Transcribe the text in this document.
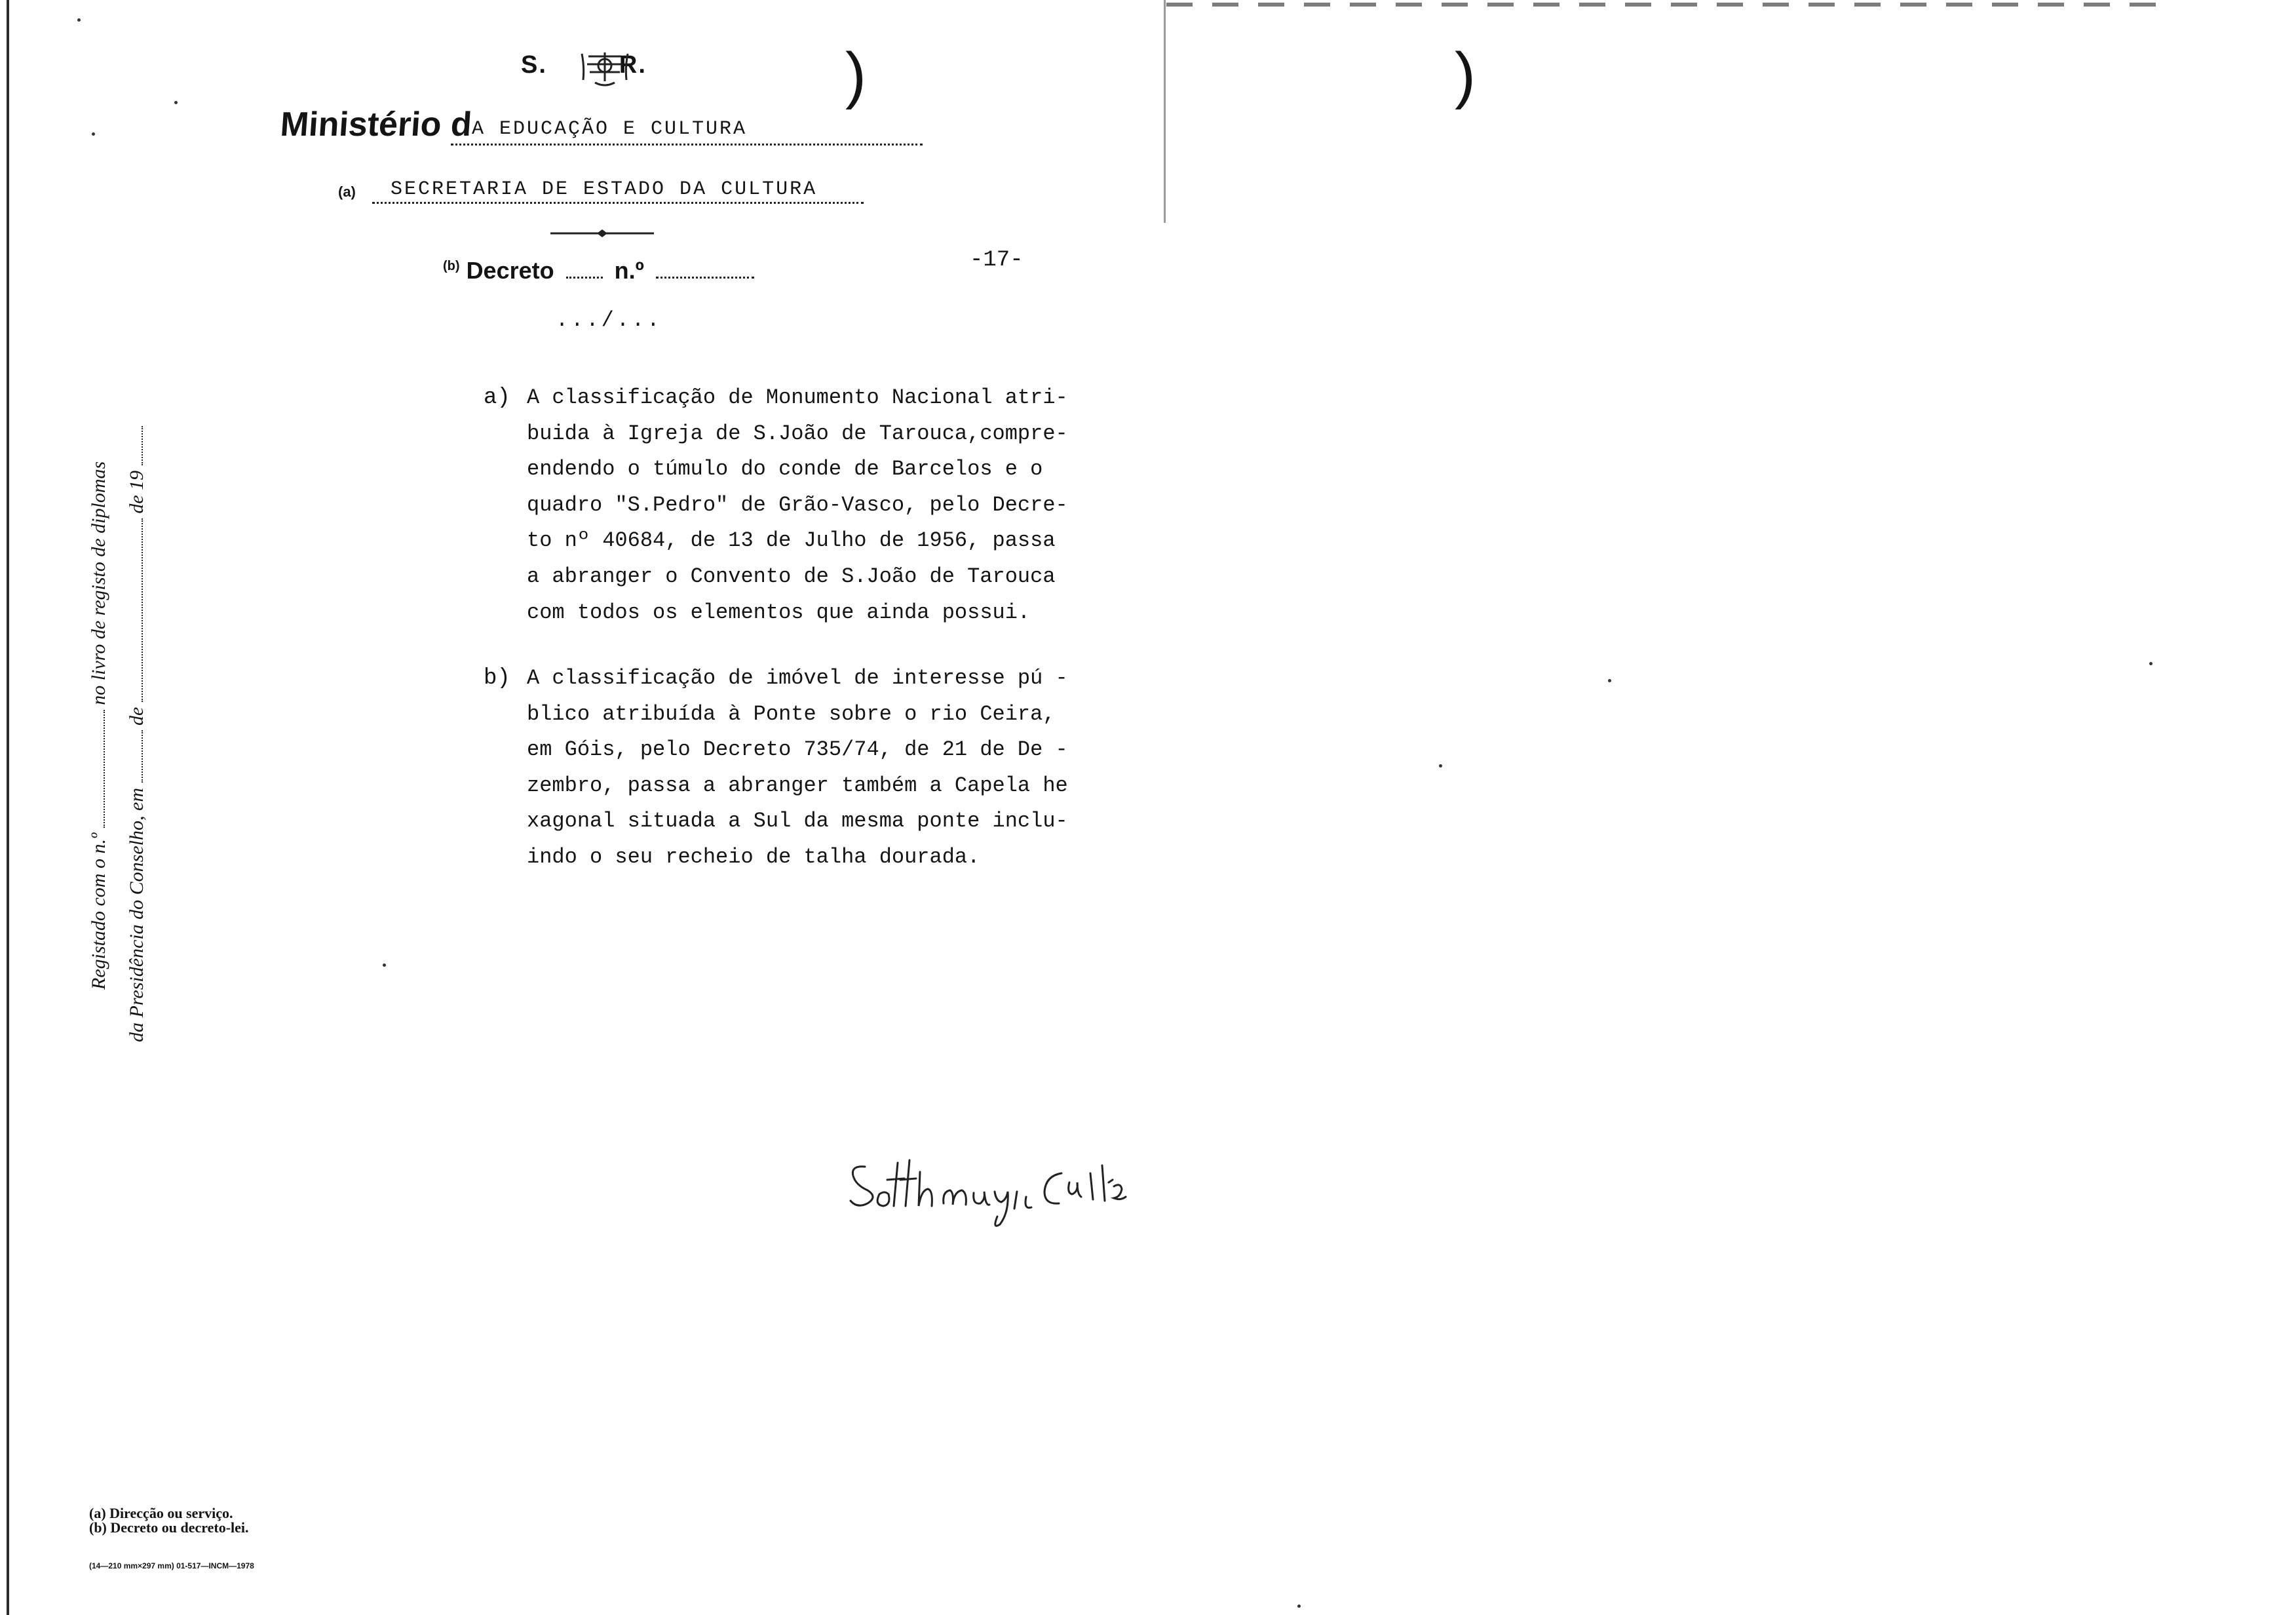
S.	R.	)	)
Ministério d
A EDUCAÇÃO E CULTURA
(a) SECRETARIA DE ESTADO DA CULTURA
$^{(b)}$ Decreto	n.º	-17-
.../...
a) A classificação de Monumento Nacional atri-
buida à Igreja de S.João de Tarouca,compre-
endendo o túmulo do conde de Barcelos e o
quadro "S.Pedro" de Grão-Vasco, pelo Decre-
to nº 40684, de 13 de Julho de 1956, passa
a abranger o Convento de S.João de Tarouca
com todos os elementos que ainda possui.
b) A classificação de imóvel de interesse pú -
blico atribuída à Ponte sobre o rio Ceira,
em Góis, pelo Decreto 735/74, de 21 de De -
zembro, passa a abranger também a Capela he
xagonal situada a Sul da mesma ponte inclu-
indo o seu recheio de talha dourada.
Registado com o n.º  no livro de registo de diplomas
da Presidência do Conselho, em  de  de 19
(a) Direcção ou serviço.
(b) Decreto ou decreto-lei.
(14—210 mm×297 mm) 01-517—INCM—1978
